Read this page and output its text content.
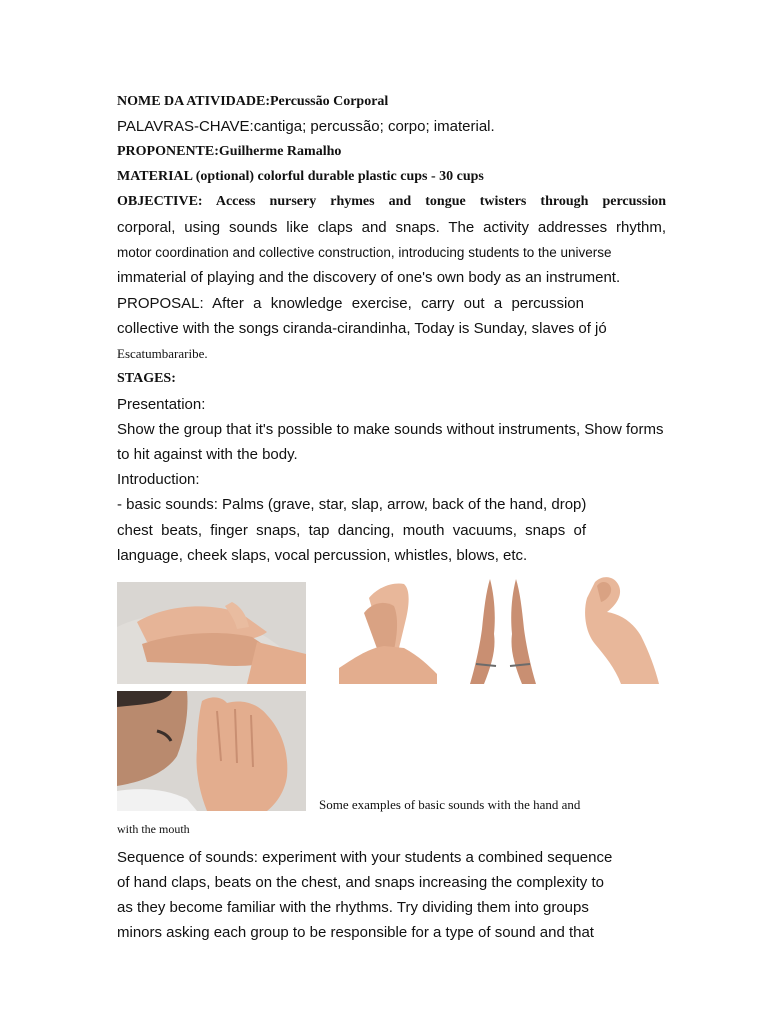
NOME DA ATIVIDADE:Percussão Corporal
PALAVRAS-CHAVE:cantiga; percussão; corpo; imaterial.
PROPONENTE:Guilherme Ramalho
MATERIAL (optional) colorful durable plastic cups - 30 cups
OBJECTIVE: Access nursery rhymes and tongue twisters through percussion
corporal, using sounds like claps and snaps. The activity addresses rhythm,
motor coordination and collective construction, introducing students to the universe
immaterial of playing and the discovery of one's own body as an instrument.
PROPOSAL: After a knowledge exercise, carry out a percussion
collective with the songs ciranda-cirandinha, Today is Sunday, slaves of jó
Escatumbararibe.
STAGES:
Presentation:
Show the group that it's possible to make sounds without instruments, Show forms
to hit against with the body.
Introduction:
- basic sounds: Palms (grave, star, slap, arrow, back of the hand, drop)
chest beats, finger snaps, tap dancing, mouth vacuums, snaps of
language, cheek slaps, vocal percussion, whistles, blows, etc.
Some examples of basic sounds with the hand and
with the mouth
Sequence of sounds: experiment with your students a combined sequence
of hand claps, beats on the chest, and snaps increasing the complexity to
as they become familiar with the rhythms. Try dividing them into groups
minors asking each group to be responsible for a type of sound and that
